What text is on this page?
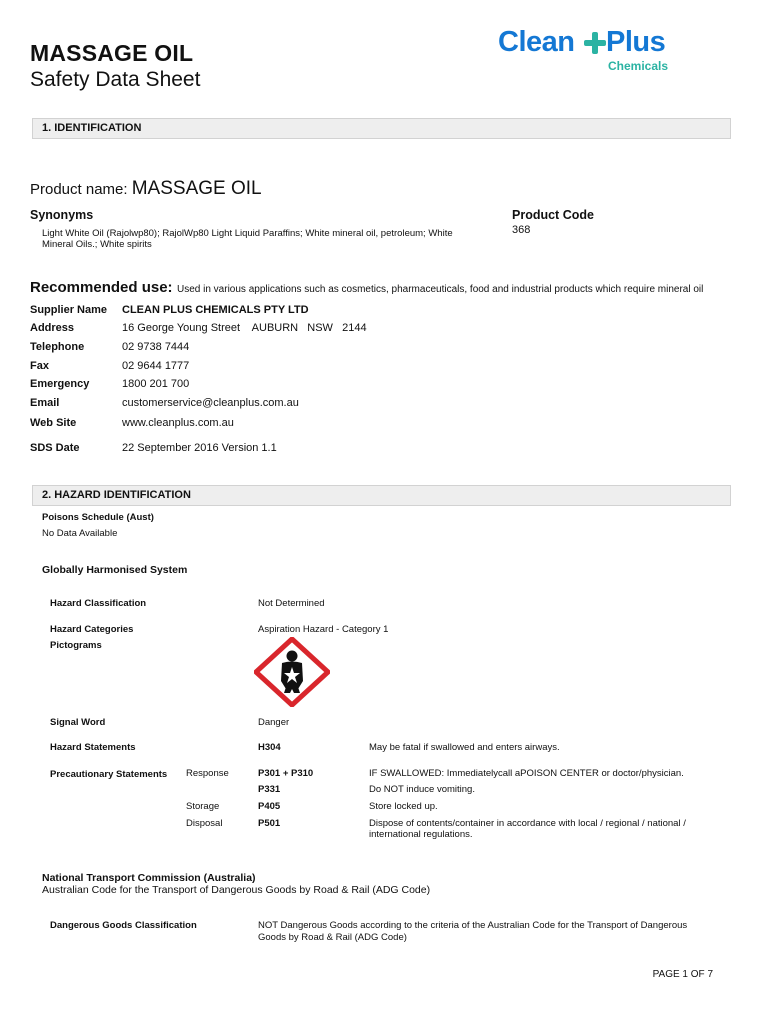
MASSAGE OIL
Safety Data Sheet
Clean Plus
Chemicals
1. IDENTIFICATION
Product name: MASSAGE OIL
Synonyms
Light White Oil (Rajolwp80); RajolWp80 Light Liquid Paraffins; White mineral oil, petroleum; White
Mineral Oils.; White spirits
Product Code
368
Recommended use: Used in various applications such as cosmetics, pharmaceuticals, food and industrial products which require mineral oil
Supplier Name CLEAN PLUS CHEMICALS PTY LTD
Address	16 George Young Street    AUBURN   NSW   2144
Telephone	02 9738 7444
Fax	02 9644 1777
Emergency	1800 201 700
Email	customerservice@cleanplus.com.au
Web Site	www.cleanplus.com.au
SDS Date	22 September 2016 Version 1.1
2. HAZARD IDENTIFICATION
Poisons Schedule (Aust)
No Data Available
Globally Harmonised System
Hazard Classification	Not Determined
Hazard Categories	Aspiration Hazard - Category 1
Pictograms
Signal Word	Danger
Hazard Statements	H304	May be fatal if swallowed and enters airways.
Precautionary Statements Response	P301 + P310	IF SWALLOWED: Immediatelycall aPOISON CENTER or doctor/physician.
P331	Do NOT induce vomiting.
Storage	P405	Store locked up.
Disposal	P501	Dispose of contents/container in accordance with local / regional / national /
international regulations.
National Transport Commission (Australia)
Australian Code for the Transport of Dangerous Goods by Road & Rail (ADG Code)
Dangerous Goods Classification	NOT Dangerous Goods according to the criteria of the Australian Code for the Transport of Dangerous
Goods by Road & Rail (ADG Code)
PAGE 1 OF 7
